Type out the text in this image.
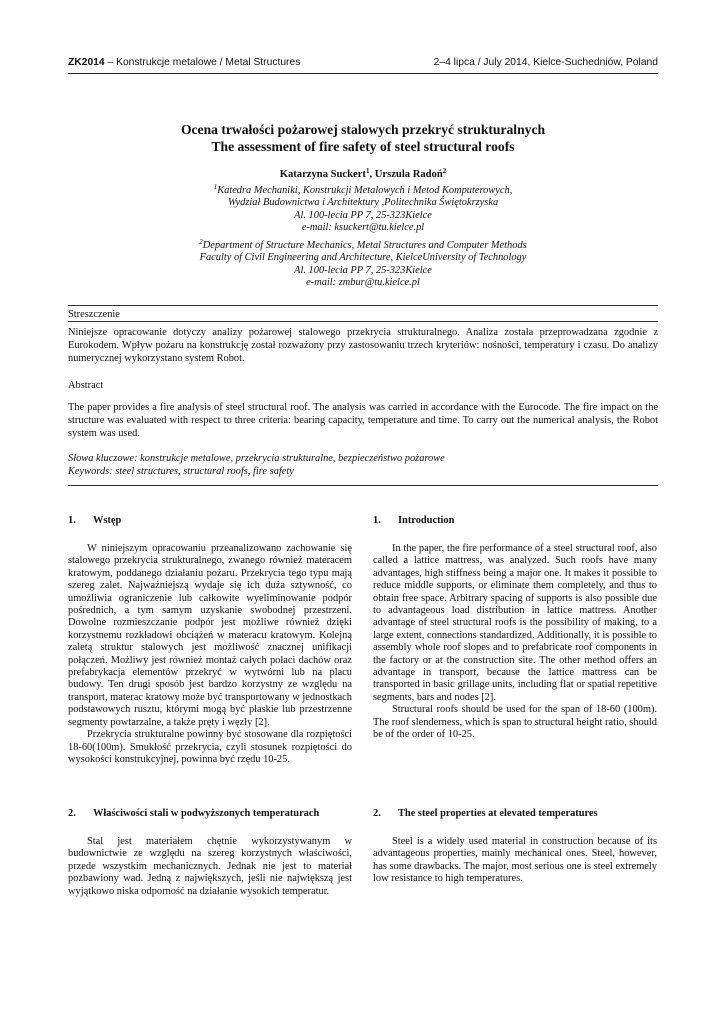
ZK2014 – Konstrukcje metalowe / Metal Structures	2–4 lipca / July 2014, Kielce-Suchedniów, Poland
Ocena trwałości pożarowej stalowych przekryć strukturalnych
The assessment of fire safety of steel structural roofs
Katarzyna Suckert$^1$, Urszula Radoń$^2$
$^1$Katedra Mechaniki, Konstrukcji Metalowych i Metod Komputerowych,
Wydział Budownictwa i Architektury ,Politechnika Świętokrzyska
Al. 100-lecia PP 7, 25-323Kielce
e-mail: ksuckert@tu.kielce.pl
$^2$Department of Structure Mechanics, Metal Structures and Computer Methods
Faculty of Civil Engineering and Architecture, KielceUniversity of Technology
Al. 100-lecia PP 7, 25-323Kielce
e-mail: zmbur@tu.kielce.pl
Streszczenie
Niniejsze opracowanie dotyczy analizy pożarowej stalowego przekrycia strukturalnego. Analiza została przeprowadzana zgodnie z Eurokodem. Wpływ pożaru na konstrukcję został rozważony przy zastosowaniu trzech kryteriów: nośności, temperatury i czasu. Do analizy numerycznej wykorzystano system Robot.
Abstract
The paper provides a fire analysis of steel structural roof. The analysis was carried in accordance with the Eurocode. The fire impact on the structure was evaluated with respect to three criteria: bearing capacity, temperature and time. To carry out the numerical analysis, the Robot system was used.
Słowa kluczowe: konstrukcje metalowe, przekrycia strukturalne, bezpieczeństwo pożarowe
Keywords: steel structures, structural roofs, fire safety
1. Wstęp

W niniejszym opracowaniu przeanalizowano zachowanie się stalowego przekrycia strukturalnego, zwanego również materacem kratowym, poddanego działaniu pożaru. Przekrycia tego typu mają szereg zalet. Najważniejszą wydaje się ich duża sztywność, co umożliwia ograniczenie lub całkowite wyeliminowanie podpór pośrednich, a tym samym uzyskanie swobodnej przestrzeni. Dowolne rozmieszczanie podpór jest możliwe również dzięki korzystnemu rozkładowi obciążeń w materacu kratowym. Kolejną zaletą struktur stalowych jest możliwość znacznej unifikacji połączeń. Możliwy jest również montaż całych połaci dachów oraz prefabrykacja elementów przekryć w wytwórni lub na placu budowy. Ten drugi sposób jest bardzo korzystny ze względu na transport, materac kratowy może być transportowany w jednostkach podstawowych rusztu, którymi mogą być płaskie lub przestrzenne segmenty powtarzalne, a także pręty i węzły [2].

Przekrycia strukturalne powinny być stosowane dla rozpiętości 18-60(100m). Smukłość przekrycia, czyli stosunek rozpiętości do wysokości konstrukcyjnej, powinna być rzędu 10-25.

2. Właściwości stali w podwyższonych temperaturach

Stal jest materiałem chętnie wykorzystywanym w budownictwie ze względu na szereg korzystnych właściwości, przede wszystkim mechanicznych. Jednak nie jest to materiał pozbawiony wad. Jedną z największych, jeśli nie największą jest wyjątkowo niska odporność na działanie wysokich temperatur.

1. Introduction

In the paper, the fire performance of a steel structural roof, also called a lattice mattress, was analyzed. Such roofs have many advantages, high stiffness being a major one. It makes it possible to reduce middle supports, or eliminate them completely, and thus to obtain free space. Arbitrary spacing of supports is also possible due to advantageous load distribution in lattice mattress. Another advantage of steel structural roofs is the possibility of making, to a large extent, connections standardized. Additionally, it is possible to assembly whole roof slopes and to prefabricate roof components in the factory or at the construction site. The other method offers an advantage in transport, because the lattice mattress can be transported in basic grillage units, including flat or spatial repetitive segments, bars and nodes [2].

Structural roofs should be used for the span of 18-60 (100m). The roof slenderness, which is span to structural height ratio, should be of the order of 10-25.

2. The steel properties at elevated temperatures

Steel is a widely used material in construction because of its advantageous properties, mainly mechanical ones. Steel, however, has some drawbacks. The major, most serious one is steel extremely low resistance to high temperatures.
